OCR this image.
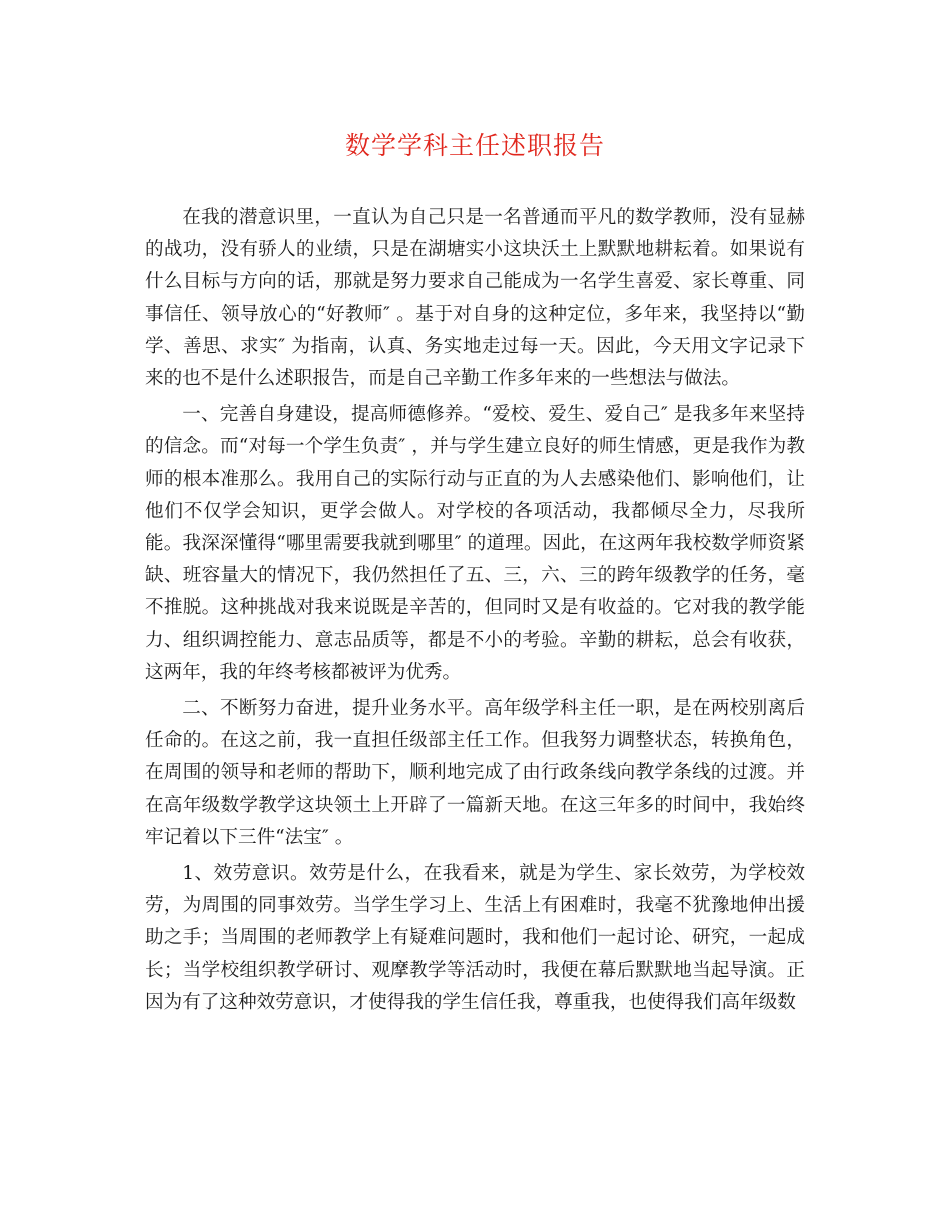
数学学科主任述职报告

在我的潜意识里，一直认为自己只是一名普通而平凡的数学教师，没有显赫的战功，没有骄人的业绩，只是在湖塘实小这块沃土上默默地耕耘着。如果说有什么目标与方向的话，那就是努力要求自己能成为一名学生喜爱、家长尊重、同事信任、领导放心的“好教师″ 。基于对自身的这种定位，多年来，我坚持以“勤学、善思、求实″ 为指南，认真、务实地走过每一天。因此，今天用文字记录下来的也不是什么述职报告，而是自己辛勤工作多年来的一些想法与做法。

一、完善自身建设，提高师德修养。“爱校、爱生、爱自己″ 是我多年来坚持的信念。而“对每一个学生负责″ ，并与学生建立良好的师生情感，更是我作为教师的根本准那么。我用自己的实际行动与正直的为人去感染他们、影响他们，让他们不仅学会知识，更学会做人。对学校的各项活动，我都倾尽全力，尽我所能。我深深懂得“哪里需要我就到哪里″ 的道理。因此，在这两年我校数学师资紧缺、班容量大的情况下，我仍然担任了五、三，六、三的跨年级教学的任务，毫不推脱。这种挑战对我来说既是辛苦的，但同时又是有收益的。它对我的教学能力、组织调控能力、意志品质等，都是不小的考验。辛勤的耕耘，总会有收获，这两年，我的年终考核都被评为优秀。

二、不断努力奋进，提升业务水平。高年级学科主任一职，是在两校别离后任命的。在这之前，我一直担任级部主任工作。但我努力调整状态，转换角色，在周围的领导和老师的帮助下，顺利地完成了由行政条线向教学条线的过渡。并在高年级数学教学这块领土上开辟了一篇新天地。在这三年多的时间中，我始终牢记着以下三件“法宝″ 。

1、效劳意识。效劳是什么，在我看来，就是为学生、家长效劳，为学校效劳，为周围的同事效劳。当学生学习上、生活上有困难时，我毫不犹豫地伸出援助之手；当周围的老师教学上有疑难问题时，我和他们一起讨论、研究，一起成长；当学校组织教学研讨、观摩教学等活动时，我便在幕后默默地当起导演。正因为有了这种效劳意识，才使得我的学生信任我，尊重我，也使得我们高年级数
